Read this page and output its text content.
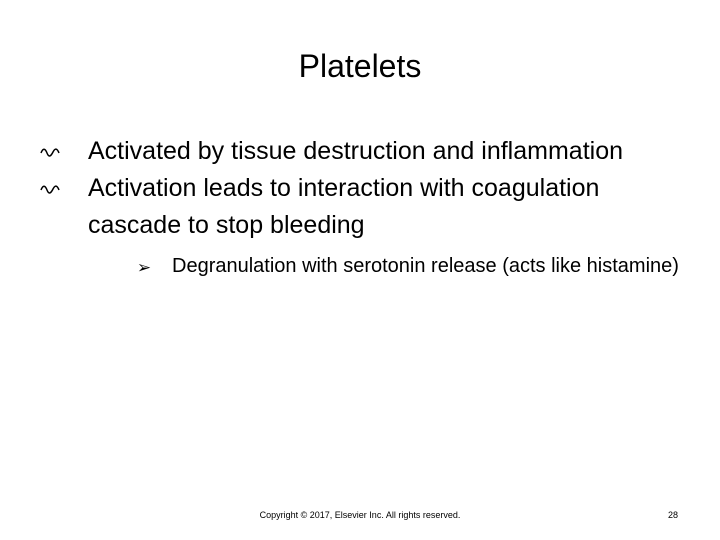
Platelets
Activated by tissue destruction and inflammation
Activation leads to interaction with coagulation cascade to stop bleeding
➢ Degranulation with serotonin release (acts like histamine)
Copyright © 2017, Elsevier Inc. All rights reserved.	28
